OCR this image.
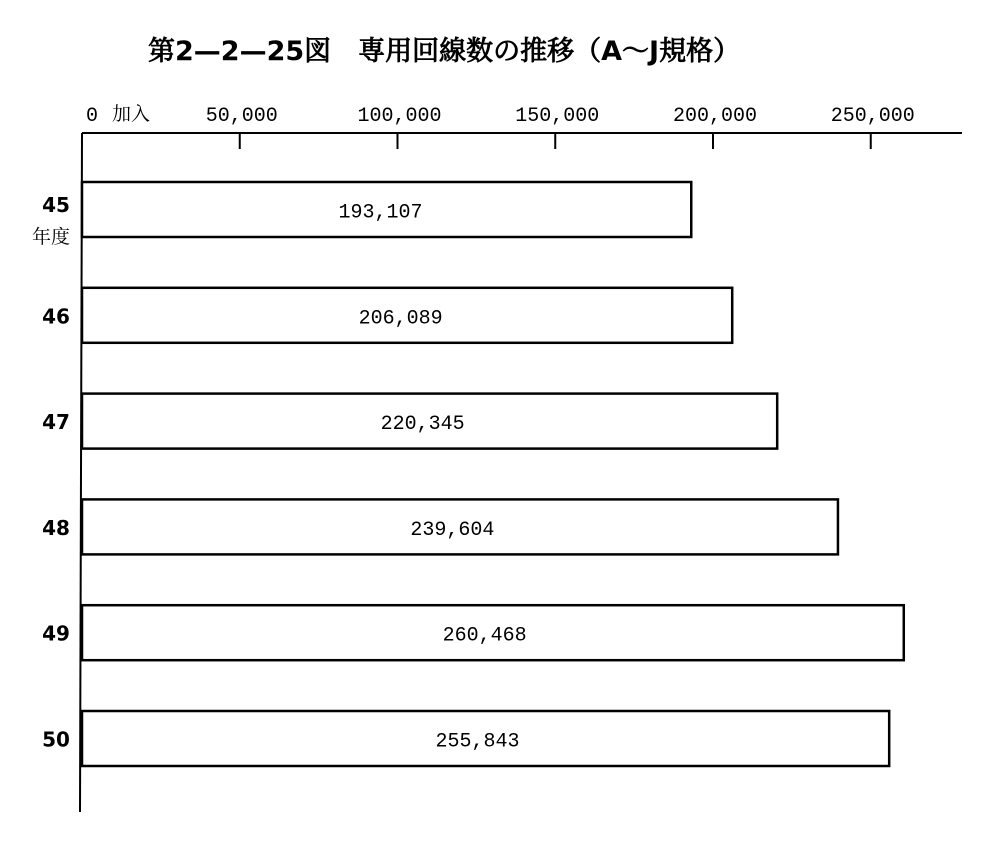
第2—2—25図　専用回線数の推移（A～J規格）
0	50,000	100,000	150,000	200,000	250,000
加入
45
年度
46
47
48
49
50
193,107
206,089
220,345
239,604
260,468
255,843
